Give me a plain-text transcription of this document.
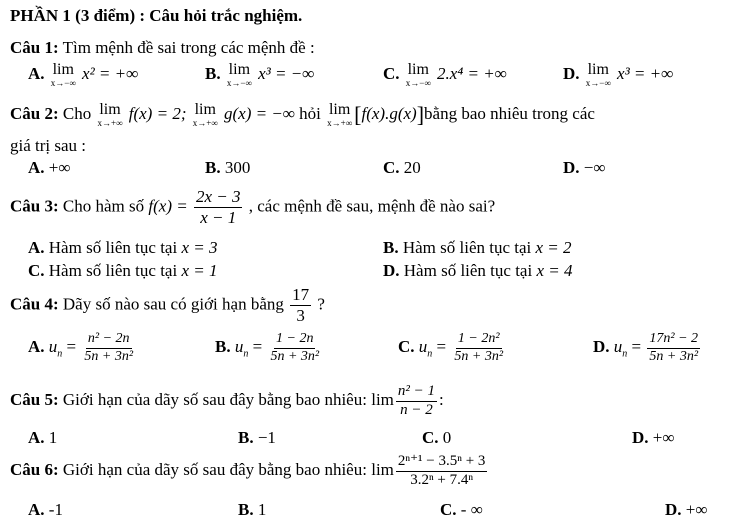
PHẦN 1 (3 điểm) : Câu hỏi trắc nghiệm.
Câu 1: Tìm mệnh đề sai trong các mệnh đề :
A. lim
x→−∞
x² = +∞	B. lim
x→−∞
x³ = −∞	C. lim
x→−∞
2.x⁴ = +∞	D. lim
x→−∞
x³ = +∞
Câu 2: Cho lim
x→+∞
f(x) = 2; lim
x→+∞
g(x) = −∞ hỏi lim
x→+∞ [f(x).g(x)]bằng bao nhiêu trong các
giá trị sau :
A. +∞	B. 300	C. 20	D. −∞
Câu 3: Cho hàm số $f(x) = \frac{2x - 3}{x - 1}$ , các mệnh đề sau, mệnh đề nào sai?
A. Hàm số liên tục tại x = 3	B. Hàm số liên tục tại x = 2
C. Hàm số liên tục tại x = 1	D. Hàm số liên tục tại x = 4
Câu 4: Dãy số nào sau có giới hạn bằng $\frac{17}{3}$ ?
A. $u_n = \frac{\text{n² − 2n}}{\text{5n + 3n²}}$	B. $u_n = \frac{1 - 2n}{\text{5n + 3n²}}$	C. $u_n = \frac{\text{1 − 2n²}}{\text{5n + 3n²}}$	D. $u_n = \frac{\text{17n² − 2}}{\text{5n + 3n²}}$
Câu 5: Giới hạn của dãy số sau đây bằng bao nhiêu: $\lim \frac{\text{n² − 1}}{n - 2}$ :
A. 1	B. −1	C. 0	D. +∞
Câu 6: Giới hạn của dãy số sau đây bằng bao nhiêu: $\lim \frac{\text{2ⁿ⁺¹ − 3.5ⁿ + 3}}{\text{3.2ⁿ + 7.4ⁿ}}$
A. -1	B. 1	C. - ∞	D. +∞
